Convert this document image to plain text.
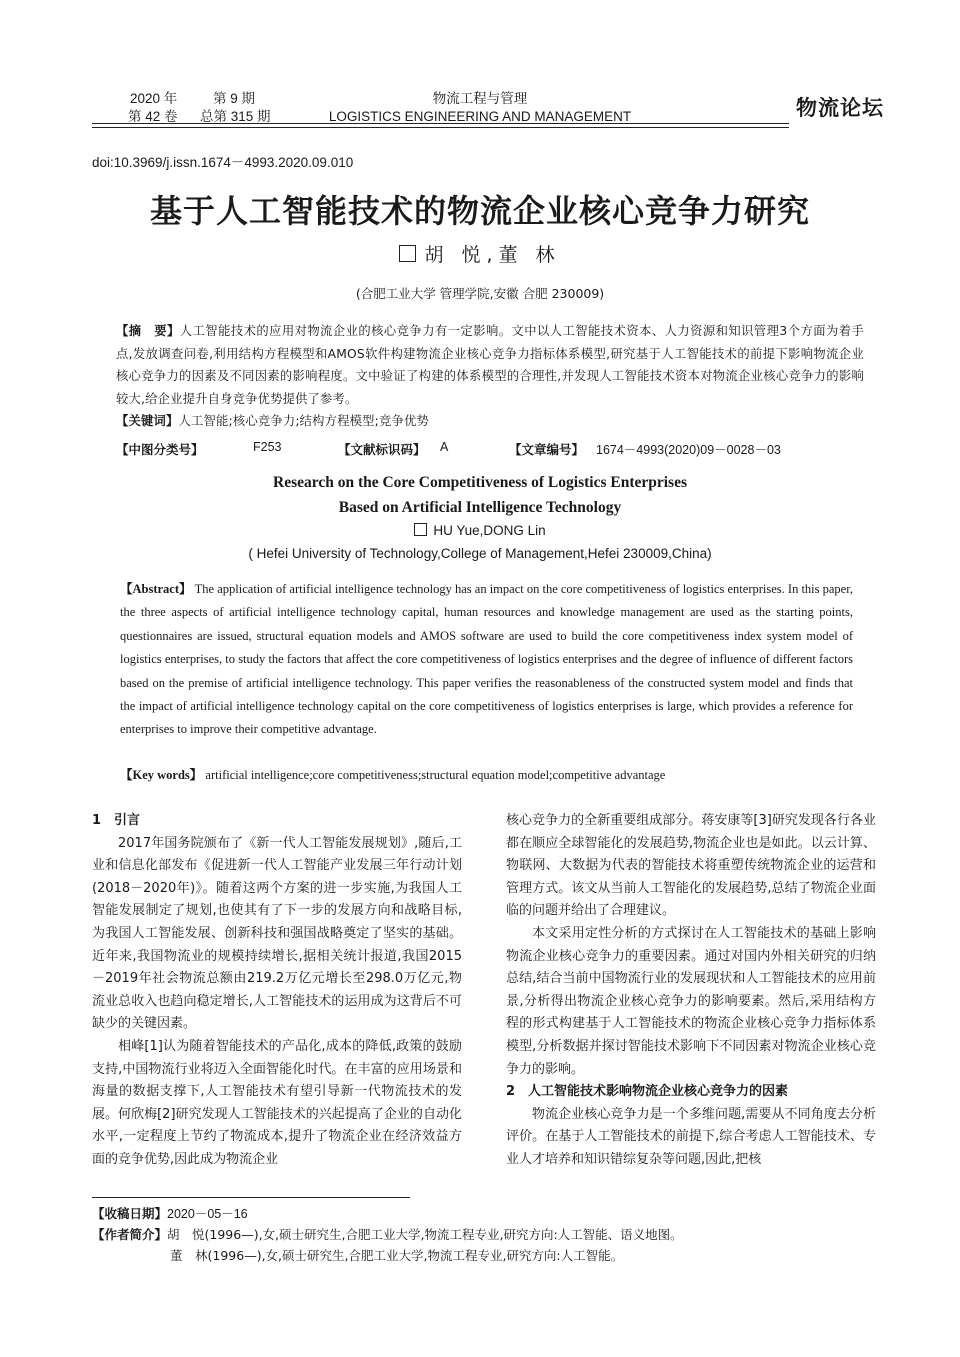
2020 年	第 9 期
第 42 卷 总第 315 期
物流工程与管理
LOGISTICS ENGINEERING AND MANAGEMENT	物流论坛
doi:10.3969/j.issn.1674－4993.2020.09.010
基于人工智能技术的物流企业核心竞争力研究
胡 悦,董 林
(合肥工业大学 管理学院,安徽 合肥 230009)
【摘　要】人工智能技术的应用对物流企业的核心竞争力有一定影响。文中以人工智能技术资本、人力资源和知识管理3个方面为着手点,发放调查问卷,利用结构方程模型和AMOS软件构建物流企业核心竞争力指标体系模型,研究基于人工智能技术的前提下影响物流企业核心竞争力的因素及不同因素的影响程度。文中验证了构建的体系模型的合理性,并发现人工智能技术资本对物流企业核心竞争力的影响较大,给企业提升自身竞争优势提供了参考。
【关键词】人工智能;核心竞争力;结构方程模型;竞争优势
【中图分类号】	F253	【文献标识码】 A	【文章编号】 1674－4993(2020)09－0028－03
Research on the Core Competitiveness of Logistics Enterprises
Based on Artificial Intelligence Technology
HU Yue,DONG Lin
( Hefei University of Technology,College of Management,Hefei 230009,China)
【Abstract】 The application of artificial intelligence technology has an impact on the core competitiveness of logistics enterprises. In this paper, the three aspects of artificial intelligence technology capital, human resources and knowledge management are used as the starting points, questionnaires are issued, structural equation models and AMOS software are used to build the core competitiveness index system model of logistics enterprises, to study the factors that affect the core competitiveness of logistics enterprises and the degree of influence of different factors based on the premise of artificial intelligence technology. This paper verifies the reasonableness of the constructed system model and finds that the impact of artificial intelligence technology capital on the core competitiveness of logistics enterprises is large, which provides a reference for enterprises to improve their competitive advantage.
【Key words】 artificial intelligence;core competitiveness;structural equation model;competitive advantage

1　引言

2017年国务院颁布了《新一代人工智能发展规划》,随后,工业和信息化部发布《促进新一代人工智能产业发展三年行动计划(2018－2020年)》。随着这两个方案的进一步实施,为我国人工智能发展制定了规划,也使其有了下一步的发展方向和战略目标,为我国人工智能发展、创新科技和强国战略奠定了坚实的基础。近年来,我国物流业的规模持续增长,据相关统计报道,我国2015－2019年社会物流总额由219.2万亿元增长至298.0万亿元,物流业总收入也趋向稳定增长,人工智能技术的运用成为这背后不可缺少的关键因素。

相峰[1]认为随着智能技术的产品化,成本的降低,政策的鼓励支持,中国物流行业将迈入全面智能化时代。在丰富的应用场景和海量的数据支撑下,人工智能技术有望引导新一代物流技术的发展。何欣梅[2]研究发现人工智能技术的兴起提高了企业的自动化水平,一定程度上节约了物流成本,提升了物流企业在经济效益方面的竞争优势,因此成为物流企业

核心竞争力的全新重要组成部分。蒋安康等[3]研究发现各行各业都在顺应全球智能化的发展趋势,物流企业也是如此。以云计算、物联网、大数据为代表的智能技术将重塑传统物流企业的运营和管理方式。该文从当前人工智能化的发展趋势,总结了物流企业面临的问题并给出了合理建议。

本文采用定性分析的方式探讨在人工智能技术的基础上影响物流企业核心竞争力的重要因素。通过对国内外相关研究的归纳总结,结合当前中国物流行业的发展现状和人工智能技术的应用前景,分析得出物流企业核心竞争力的影响要素。然后,采用结构方程的形式构建基于人工智能技术的物流企业核心竞争力指标体系模型,分析数据并探讨智能技术影响下不同因素对物流企业核心竞争力的影响。

2　人工智能技术影响物流企业核心竞争力的因素

物流企业核心竞争力是一个多维问题,需要从不同角度去分析评价。在基于人工智能技术的前提下,综合考虑人工智能技术、专业人才培养和知识错综复杂等问题,因此,把核

【收稿日期】2020－05－16
【作者简介】胡　悦(1996—),女,硕士研究生,合肥工业大学,物流工程专业,研究方向:人工智能、语义地图。
董　林(1996—),女,硕士研究生,合肥工业大学,物流工程专业,研究方向:人工智能。
